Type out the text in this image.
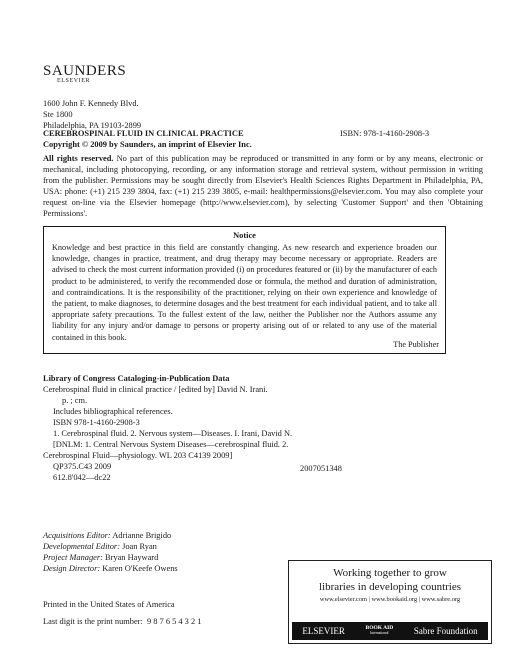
SAUNDERS
ELSEVIER
1600 John F. Kennedy Blvd.
Ste 1800
Philadelphia, PA 19103-2899
CEREBROSPINAL FLUID IN CLINICAL PRACTICE	ISBN: 978-1-4160-2908-3
Copyright © 2009 by Saunders, an imprint of Elsevier Inc.
All rights reserved. No part of this publication may be reproduced or transmitted in any form or by any means, electronic or mechanical, including photocopying, recording, or any information storage and retrieval system, without permission in writing from the publisher. Permissions may be sought directly from Elsevier's Health Sciences Rights Department in Philadelphia, PA, USA: phone: (+1) 215 239 3804, fax: (+1) 215 239 3805, e-mail: healthpermissions@elsevier.com. You may also complete your request on-line via the Elsevier homepage (http://www.elsevier.com), by selecting 'Customer Support' and then 'Obtaining Permissions'.
Notice
Knowledge and best practice in this field are constantly changing. As new research and experience broaden our knowledge, changes in practice, treatment, and drug therapy may become necessary or appropriate. Readers are advised to check the most current information provided (i) on procedures featured or (ii) by the manufacturer of each product to be administered, to verify the recommended dose or formula, the method and duration of administration, and contraindications. It is the responsibility of the practitioner, relying on their own experience and knowledge of the patient, to make diagnoses, to determine dosages and the best treatment for each individual patient, and to take all appropriate safety precautions. To the fullest extent of the law, neither the Publisher nor the Authors assume any liability for any injury and/or damage to persons or property arising out of or related to any use of the material contained in this book.
The Publisher
Library of Congress Cataloging-in-Publication Data
Cerebrospinal fluid in clinical practice / [edited by] David N. Irani.
p. ; cm.
Includes bibliographical references.
ISBN 978-1-4160-2908-3
1. Cerebrospinal fluid. 2. Nervous system—Diseases. I. Irani, David N.
[DNLM: 1. Central Nervous System Diseases—cerebrospinal fluid. 2.
Cerebrospinal Fluid—physiology. WL 203 C4139 2009]
QP375.C43 2009
612.8'042—dc22
2007051348
Acquisitions Editor: Adrianne Brigido
Developmental Editor: Joan Ryan
Project Manager: Bryan Hayward
Design Director: Karen O'Keefe Owens
Printed in the United States of America
Last digit is the print number: 9 8 7 6 5 4 3 2 1
Working together to grow
libraries in developing countries
www.elsevier.com | www.bookaid.org | www.sabre.org
ELSEVIER	BOOK AID
International	Sabre Foundation
